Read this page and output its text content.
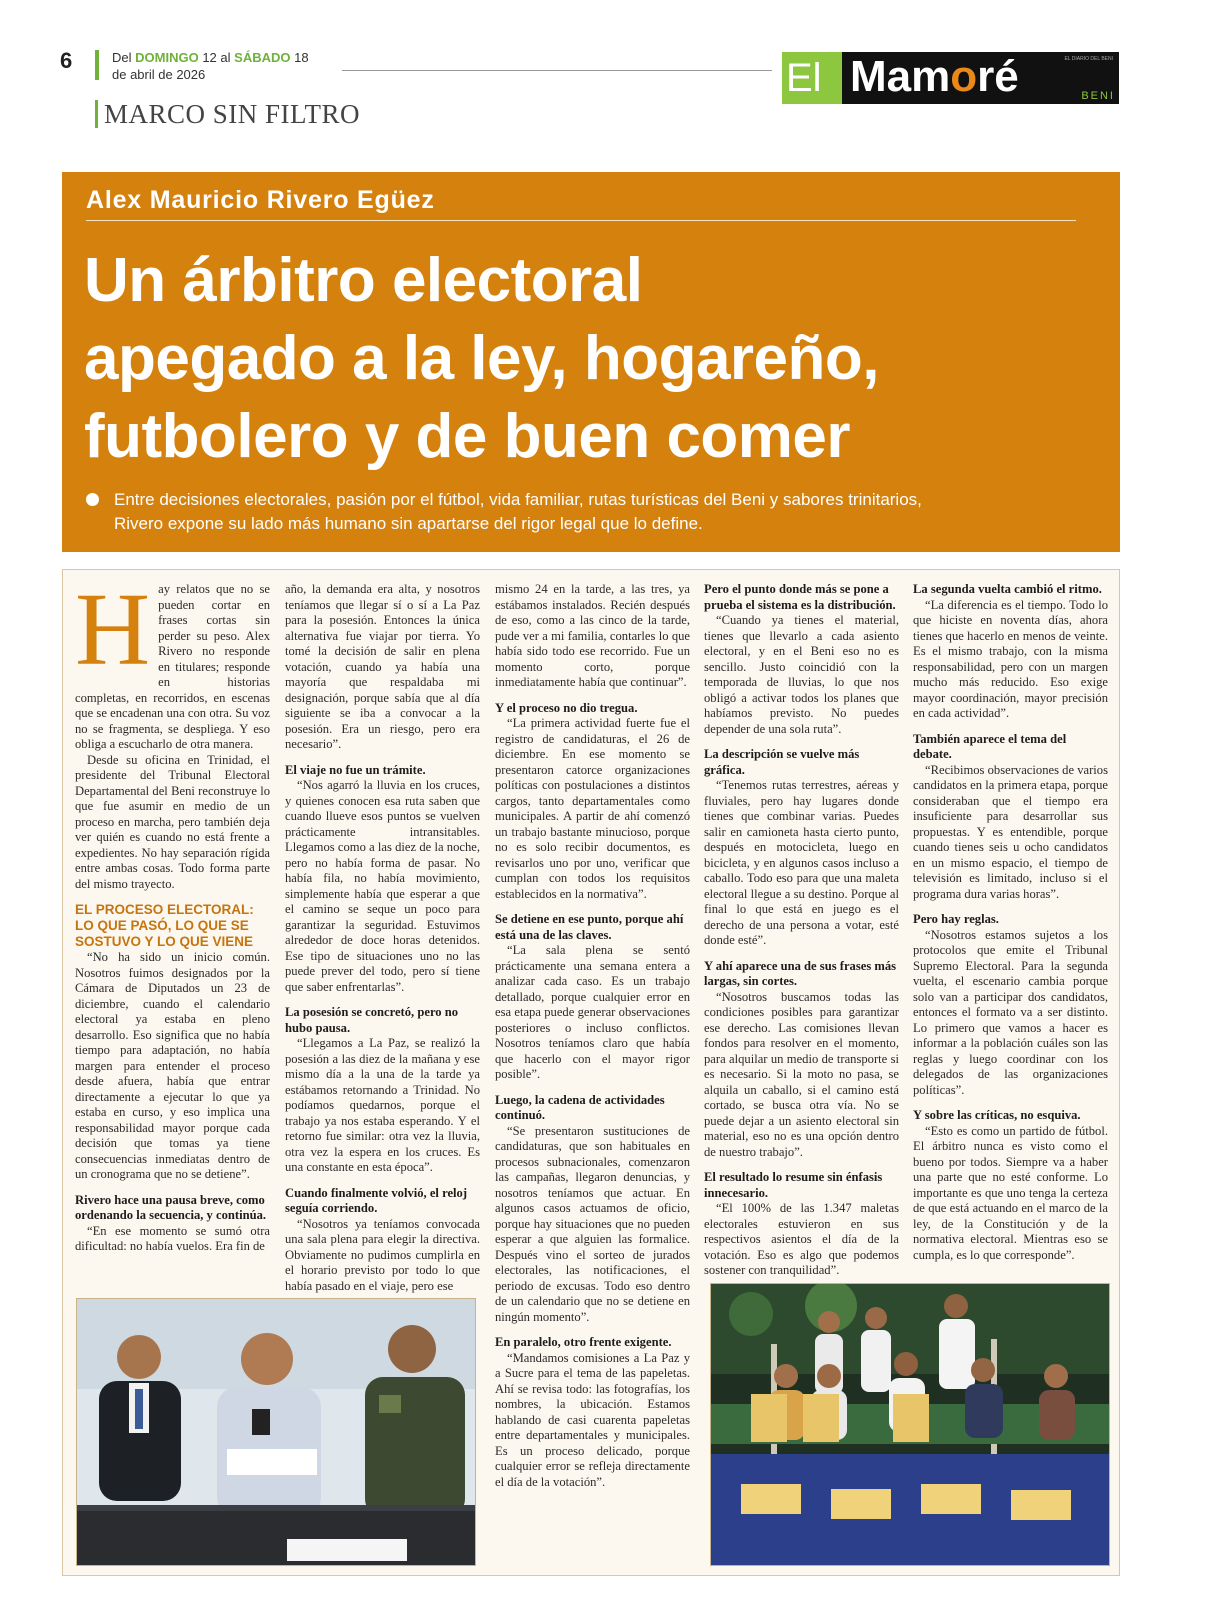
6	Del DOMINGO 12 al SÁBADO 18
de abril de 2026
MARCO SIN FILTRO
El Mamoré	EL DIARIO DEL BENI
BENI
Alex Mauricio Rivero Egüez
Un árbitro electoral
apegado a la ley, hogareño,
futbolero y de buen comer
Entre decisiones electorales, pasión por el fútbol, vida familiar, rutas turísticas del Beni y sabores trinitarios,
Rivero expone su lado más humano sin apartarse del rigor legal que lo define.
H ay relatos que no se pueden cortar en frases cortas sin perder su peso. Alex Rivero no responde en titulares; responde en historias completas, en recorridos, en escenas que se encadenan una con otra. Su voz no se fragmenta, se despliega. Y eso obliga a escucharlo de otra manera.

Desde su oficina en Trinidad, el presidente del Tribunal Electoral Departamental del Beni reconstruye lo que fue asumir en medio de un proceso en marcha, pero también deja ver quién es cuando no está frente a expedientes. No hay separación rígida entre ambas cosas. Todo forma parte del mismo trayecto.

EL PROCESO ELECTORAL: LO QUE PASÓ, LO QUE SE SOSTUVO Y LO QUE VIENE

“No ha sido un inicio común. Nosotros fuimos designados por la Cámara de Diputados un 23 de diciembre, cuando el calendario electoral ya estaba en pleno desarrollo. Eso significa que no había tiempo para adaptación, no había margen para entender el proceso desde afuera, había que entrar directamente a ejecutar lo que ya estaba en curso, y eso implica una responsabilidad mayor porque cada decisión que tomas ya tiene consecuencias inmediatas dentro de un cronograma que no se detiene”.

Rivero hace una pausa breve, como ordenando la secuencia, y continúa.

“En ese momento se sumó otra dificultad: no había vuelos. Era fin de

año, la demanda era alta, y nosotros teníamos que llegar sí o sí a La Paz para la posesión. Entonces la única alternativa fue viajar por tierra. Yo tomé la decisión de salir en plena votación, cuando ya había una mayoría que respaldaba mi designación, porque sabía que al día siguiente se iba a convocar a la posesión. Era un riesgo, pero era necesario”.

El viaje no fue un trámite.

“Nos agarró la lluvia en los cruces, y quienes conocen esa ruta saben que cuando llueve esos puntos se vuelven prácticamente intransitables. Llegamos como a las diez de la noche, pero no había forma de pasar. No había fila, no había movimiento, simplemente había que esperar a que el camino se seque un poco para garantizar la seguridad. Estuvimos alrededor de doce horas detenidos. Ese tipo de situaciones uno no las puede prever del todo, pero sí tiene que saber enfrentarlas”.

La posesión se concretó, pero no hubo pausa.

“Llegamos a La Paz, se realizó la posesión a las diez de la mañana y ese mismo día a la una de la tarde ya estábamos retornando a Trinidad. No podíamos quedarnos, porque el trabajo ya nos estaba esperando. Y el retorno fue similar: otra vez la lluvia, otra vez la espera en los cruces. Es una constante en esta época”.

Cuando finalmente volvió, el reloj seguía corriendo.

“Nosotros ya teníamos convocada una sala plena para elegir la directiva. Obviamente no pudimos cumplirla en el horario previsto por todo lo que había pasado en el viaje, pero ese

mismo 24 en la tarde, a las tres, ya estábamos instalados. Recién después de eso, como a las cinco de la tarde, pude ver a mi familia, contarles lo que había sido todo ese recorrido. Fue un momento corto, porque inmediatamente había que continuar”.

Y el proceso no dio tregua.

“La primera actividad fuerte fue el registro de candidaturas, el 26 de diciembre. En ese momento se presentaron catorce organizaciones políticas con postulaciones a distintos cargos, tanto departamentales como municipales. A partir de ahí comenzó un trabajo bastante minucioso, porque no es solo recibir documentos, es revisarlos uno por uno, verificar que cumplan con todos los requisitos establecidos en la normativa”.

Se detiene en ese punto, porque ahí está una de las claves.

“La sala plena se sentó prácticamente una semana entera a analizar cada caso. Es un trabajo detallado, porque cualquier error en esa etapa puede generar observaciones posteriores o incluso conflictos. Nosotros teníamos claro que había que hacerlo con el mayor rigor posible”.

Luego, la cadena de actividades continuó.

“Se presentaron sustituciones de candidaturas, que son habituales en procesos subnacionales, comenzaron las campañas, llegaron denuncias, y nosotros teníamos que actuar. En algunos casos actuamos de oficio, porque hay situaciones que no pueden esperar a que alguien las formalice. Después vino el sorteo de jurados electorales, las notificaciones, el periodo de excusas. Todo eso dentro de un calendario que no se detiene en ningún momento”.

En paralelo, otro frente exigente.

“Mandamos comisiones a La Paz y a Sucre para el tema de las papeletas. Ahí se revisa todo: las fotografías, los nombres, la ubicación. Estamos hablando de casi cuarenta papeletas entre departamentales y municipales. Es un proceso delicado, porque cualquier error se refleja directamente el día de la votación”.

Pero el punto donde más se pone a prueba el sistema es la distribución.

“Cuando ya tienes el material, tienes que llevarlo a cada asiento electoral, y en el Beni eso no es sencillo. Justo coincidió con la temporada de lluvias, lo que nos obligó a activar todos los planes que habíamos previsto. No puedes depender de una sola ruta”.

La descripción se vuelve más gráfica.

“Tenemos rutas terrestres, aéreas y fluviales, pero hay lugares donde tienes que combinar varias. Puedes salir en camioneta hasta cierto punto, después en motocicleta, luego en bicicleta, y en algunos casos incluso a caballo. Todo eso para que una maleta electoral llegue a su destino. Porque al final lo que está en juego es el derecho de una persona a votar, esté donde esté”.

Y ahí aparece una de sus frases más largas, sin cortes.

“Nosotros buscamos todas las condiciones posibles para garantizar ese derecho. Las comisiones llevan fondos para resolver en el momento, para alquilar un medio de transporte si es necesario. Si la moto no pasa, se alquila un caballo, si el camino está cortado, se busca otra vía. No se puede dejar a un asiento electoral sin material, eso no es una opción dentro de nuestro trabajo”.

El resultado lo resume sin énfasis innecesario.

“El 100% de las 1.347 maletas electorales estuvieron en sus respectivos asientos el día de la votación. Eso es algo que podemos sostener con tranquilidad”.

La segunda vuelta cambió el ritmo.

“La diferencia es el tiempo. Todo lo que hiciste en noventa días, ahora tienes que hacerlo en menos de veinte. Es el mismo trabajo, con la misma responsabilidad, pero con un margen mucho más reducido. Eso exige mayor coordinación, mayor precisión en cada actividad”.

También aparece el tema del debate.

“Recibimos observaciones de varios candidatos en la primera etapa, porque consideraban que el tiempo era insuficiente para desarrollar sus propuestas. Y es entendible, porque cuando tienes seis u ocho candidatos en un mismo espacio, el tiempo de televisión es limitado, incluso si el programa dura varias horas”.

Pero hay reglas.

“Nosotros estamos sujetos a los protocolos que emite el Tribunal Supremo Electoral. Para la segunda vuelta, el escenario cambia porque solo van a participar dos candidatos, entonces el formato va a ser distinto. Lo primero que vamos a hacer es informar a la población cuáles son las reglas y luego coordinar con los delegados de las organizaciones políticas”.

Y sobre las críticas, no esquiva.

“Esto es como un partido de fútbol. El árbitro nunca es visto como el bueno por todos. Siempre va a haber una parte que no esté conforme. Lo importante es que uno tenga la certeza de que está actuando en el marco de la ley, de la Constitución y de la normativa electoral. Mientras eso se cumpla, es lo que corresponde”.
